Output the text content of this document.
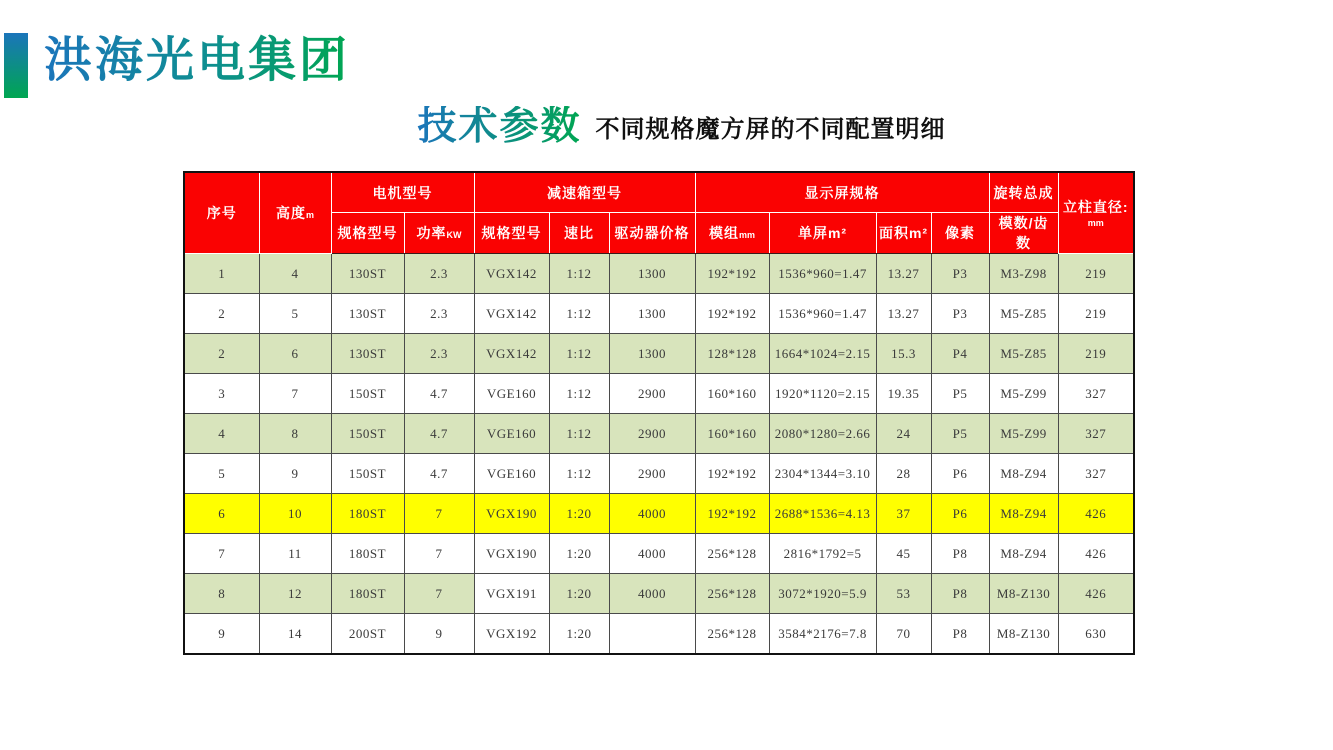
洪海光电集团
技术参数 不同规格魔方屏的不同配置明细
序号	高度m	电机型号		减速箱型号			显示屏规格				旋转总成	立柱直径:
mm

		规格型号	功率KW	规格型号	速比	驱动器价格	模组mm	单屏m²	面积m²	像素	模数/齿数	
1	4	130ST	2.3	VGX142	1:12	1300	192*192	1536*960=1.47	13.27	P3	M3-Z98	219
2	5	130ST	2.3	VGX142	1:12	1300	192*192	1536*960=1.47	13.27	P3	M5-Z85	219
2	6	130ST	2.3	VGX142	1:12	1300	128*128	1664*1024=2.15	15.3	P4	M5-Z85	219
3	7	150ST	4.7	VGE160	1:12	2900	160*160	1920*1120=2.15	19.35	P5	M5-Z99	327
4	8	150ST	4.7	VGE160	1:12	2900	160*160	2080*1280=2.66	24	P5	M5-Z99	327
5	9	150ST	4.7	VGE160	1:12	2900	192*192	2304*1344=3.10	28	P6	M8-Z94	327
6	10	180ST	7	VGX190	1:20	4000	192*192	2688*1536=4.13	37	P6	M8-Z94	426
7	11	180ST	7	VGX190	1:20	4000	256*128	2816*1792=5	45	P8	M8-Z94	426
8	12	180ST	7	VGX191	1:20	4000	256*128	3072*1920=5.9	53	P8	M8-Z130	426
9	14	200ST	9	VGX192	1:20		256*128	3584*2176=7.8	70	P8	M8-Z130	630
